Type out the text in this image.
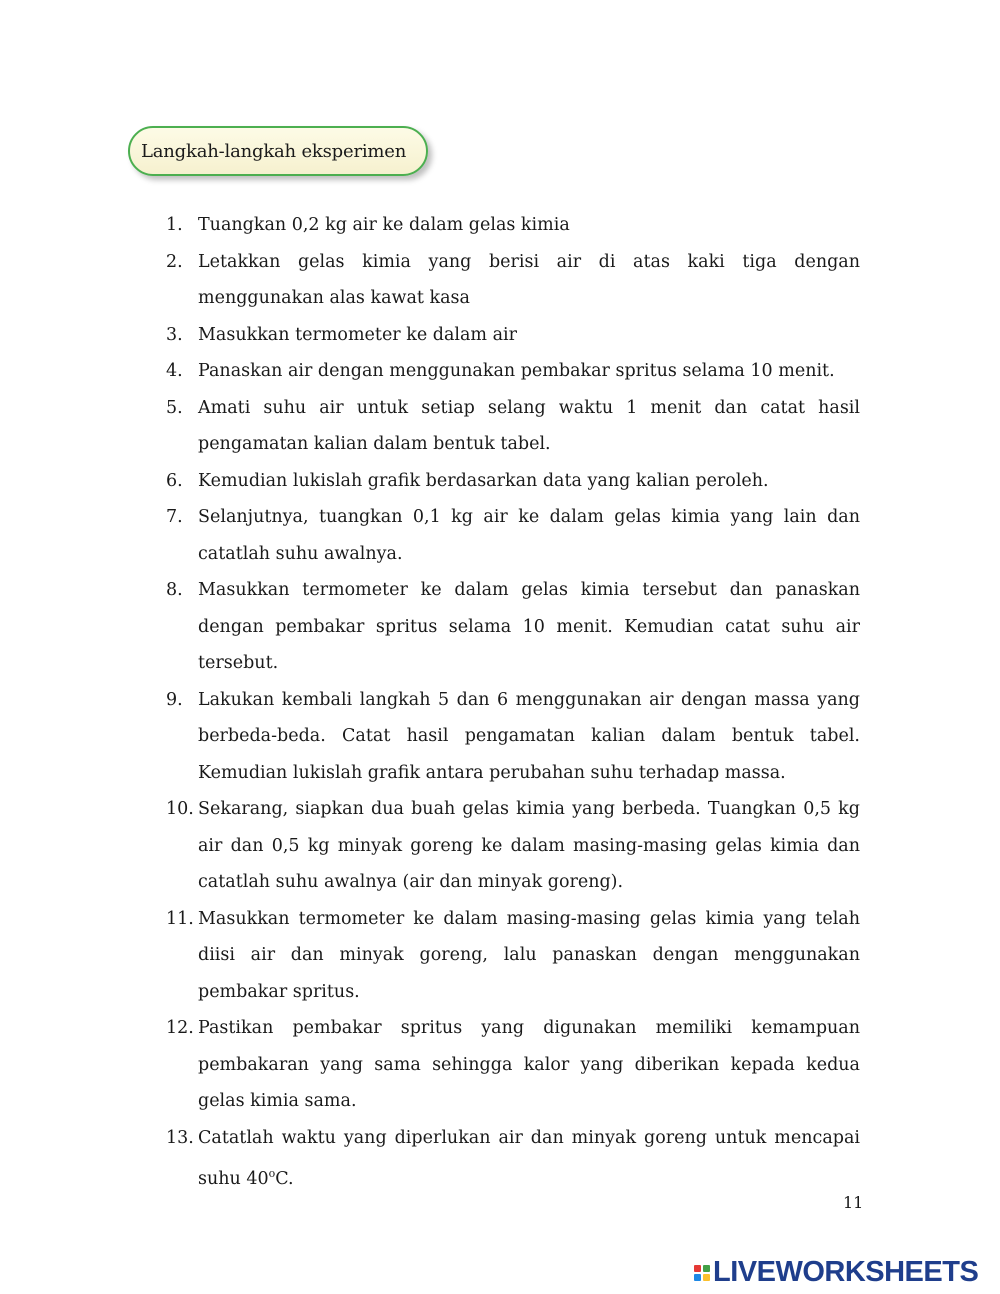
Langkah-langkah eksperimen
1. Tuangkan 0,2 kg air ke dalam gelas kimia
2. Letakkan gelas kimia yang berisi air di atas kaki tiga dengan menggunakan alas kawat kasa
3. Masukkan termometer ke dalam air
4. Panaskan air dengan menggunakan pembakar spritus selama 10 menit.
5. Amati suhu air untuk setiap selang waktu 1 menit dan catat hasil pengamatan kalian dalam bentuk tabel.
6. Kemudian lukislah grafik berdasarkan data yang kalian peroleh.
7. Selanjutnya, tuangkan 0,1 kg air ke dalam gelas kimia yang lain dan catatlah suhu awalnya.
8. Masukkan termometer ke dalam gelas kimia tersebut dan panaskan dengan pembakar spritus selama 10 menit. Kemudian catat suhu air tersebut.
9. Lakukan kembali langkah 5 dan 6 menggunakan air dengan massa yang berbeda-beda. Catat hasil pengamatan kalian dalam bentuk tabel. Kemudian lukislah grafik antara perubahan suhu terhadap massa.
10. Sekarang, siapkan dua buah gelas kimia yang berbeda. Tuangkan 0,5 kg air dan 0,5 kg minyak goreng ke dalam masing-masing gelas kimia dan catatlah suhu awalnya (air dan minyak goreng).
11. Masukkan termometer ke dalam masing-masing gelas kimia yang telah diisi air dan minyak goreng, lalu panaskan dengan menggunakan pembakar spritus.
12. Pastikan pembakar spritus yang digunakan memiliki kemampuan pembakaran yang sama sehingga kalor yang diberikan kepada kedua gelas kimia sama.
13. Catatlah waktu yang diperlukan air dan minyak goreng untuk mencapai suhu 40$^o$C.
11
LIVEWORKSHEETS
